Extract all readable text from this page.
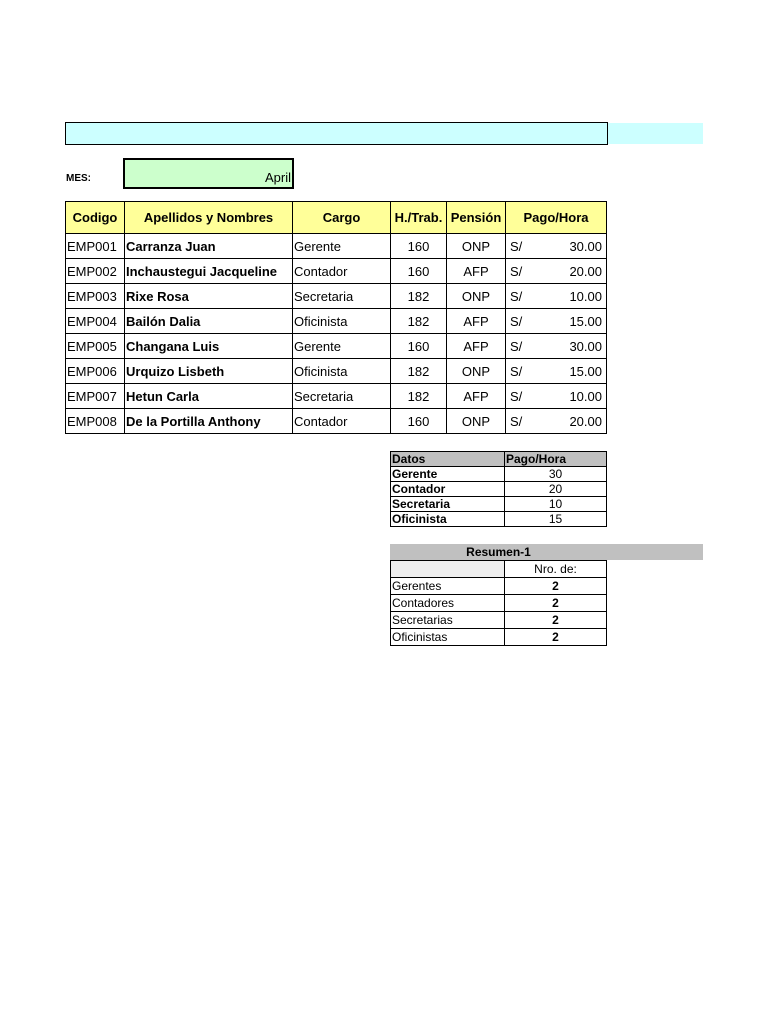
MES:	April
Codigo	Apellidos y Nombres	Cargo	H./Trab.	Pensión	Pago/Hora
EMP001	Carranza Juan	Gerente	160	ONP	S/ 30.00

EMP002	Inchaustegui Jacqueline	Contador	160	AFP	S/ 20.00

EMP003	Rixe Rosa	Secretaria	182	ONP	S/ 10.00

EMP004	Bailón Dalia	Oficinista	182	AFP	S/ 15.00

EMP005	Changana Luis	Gerente	160	AFP	S/ 30.00

EMP006	Urquizo Lisbeth	Oficinista	182	ONP	S/ 15.00

EMP007	Hetun Carla	Secretaria	182	AFP	S/ 10.00

EMP008	De la Portilla Anthony	Contador	160	ONP	S/ 20.00
Datos	Pago/Hora
Gerente	30
Contador	20
Secretaria	10
Oficinista	15
Resumen-1
	Nro. de:
Gerentes	2
Contadores	2
Secretarias	2
Oficinistas	2
